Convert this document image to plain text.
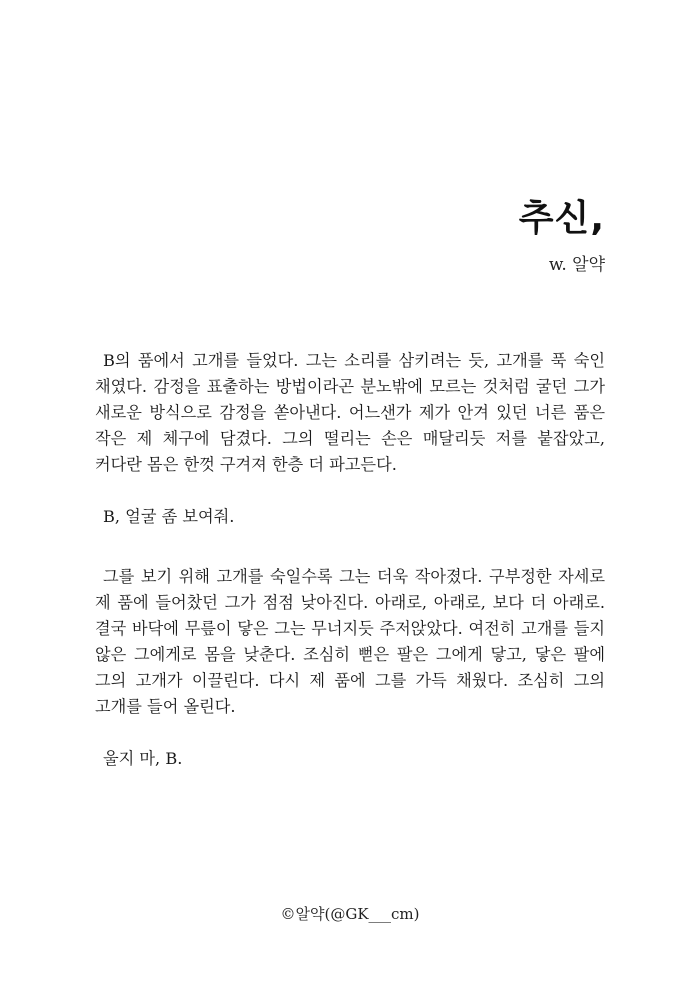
추신,

w. 알약

B의 품에서 고개를 들었다. 그는 소리를 삼키려는 듯, 고개를 푹 숙인 채였다. 감정을 표출하는 방법이라곤 분노밖에 모르는 것처럼 굴던 그가 새로운 방식으로 감정을 쏟아낸다. 어느샌가 제가 안겨 있던 너른 품은 작은 제 체구에 담겼다. 그의 떨리는 손은 매달리듯 저를 붙잡았고, 커다란 몸은 한껏 구겨져 한층 더 파고든다.

B, 얼굴 좀 보여줘.

그를 보기 위해 고개를 숙일수록 그는 더욱 작아졌다. 구부정한 자세로 제 품에 들어찼던 그가 점점 낮아진다. 아래로, 아래로, 보다 더 아래로. 결국 바닥에 무릎이 닿은 그는 무너지듯 주저앉았다. 여전히 고개를 들지 않은 그에게로 몸을 낮춘다. 조심히 뻗은 팔은 그에게 닿고, 닿은 팔에 그의 고개가 이끌린다. 다시 제 품에 그를 가득 채웠다. 조심히 그의 고개를 들어 올린다.

울지 마, B.

©알약(@GK___cm)
